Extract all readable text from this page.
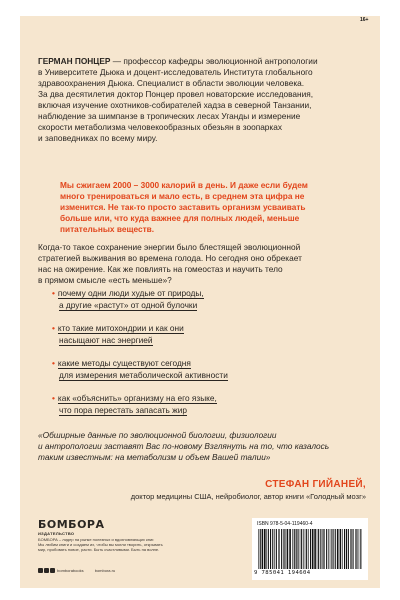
ГЕРМАН ПОНЦЕР — профессор кафедры эволюционной антропологии
в Университете Дьюка и доцент-исследователь Института глобального
здравоохранения Дьюка. Специалист в области эволюции человека.
За два десятилетия доктор Понцер провел новаторские исследования,
включая изучение охотников-собирателей хадза в северной Танзании,
наблюдение за шимпанзе в тропических лесах Уганды и измерение
скорости метаболизма человекообразных обезьян в зоопарках
и заповедниках по всему миру.
Мы сжигаем 2000 – 3000 калорий в день. И даже если будем
много тренироваться и мало есть, в среднем эта цифра не
изменится. Не так-то просто заставить организм усваивать
больше или, что куда важнее для полных людей, меньше
питательных веществ.
Когда-то такое сохранение энергии было блестящей эволюционной
стратегией выживания во времена голода. Но сегодня оно обрекает
нас на ожирение. Как же повлиять на гомеостаз и научить тело
в прямом смысле «есть меньше»?
• почему одни люди худые от природы,
а другие «растут» от одной булочки
• кто такие митохондрии и как они
насыщают нас энергией
• какие методы существуют сегодня
для измерения метаболической активности
• как «объяснить» организму на его языке,
что пора перестать запасать жир
«Обширные данные по эволюционной биологии, физиологии
и антропологии заставят Вас по-новому Взглянуть на то, что казалось
таким известным: на метаболизм и объем Вашей талии»
СТЕФАН ГИЙАНЕЙ,
доктор медицины США, нейробиолог, автор книги «Голодный мозг»
БОМБОРА
ИЗДАТЕЛЬСТВО
БОМБОРА – лидер на рынке полезных и вдохновляющих книг.
Мы любим книги и создаем их, чтобы вы могли творить, открывать
мир, пробовать новое, расти. Быть счастливыми. Быть на волне.
bomborabooks	bombora.ru
ISBN 978-5-04-119460-4
9 785041 194604
16+
